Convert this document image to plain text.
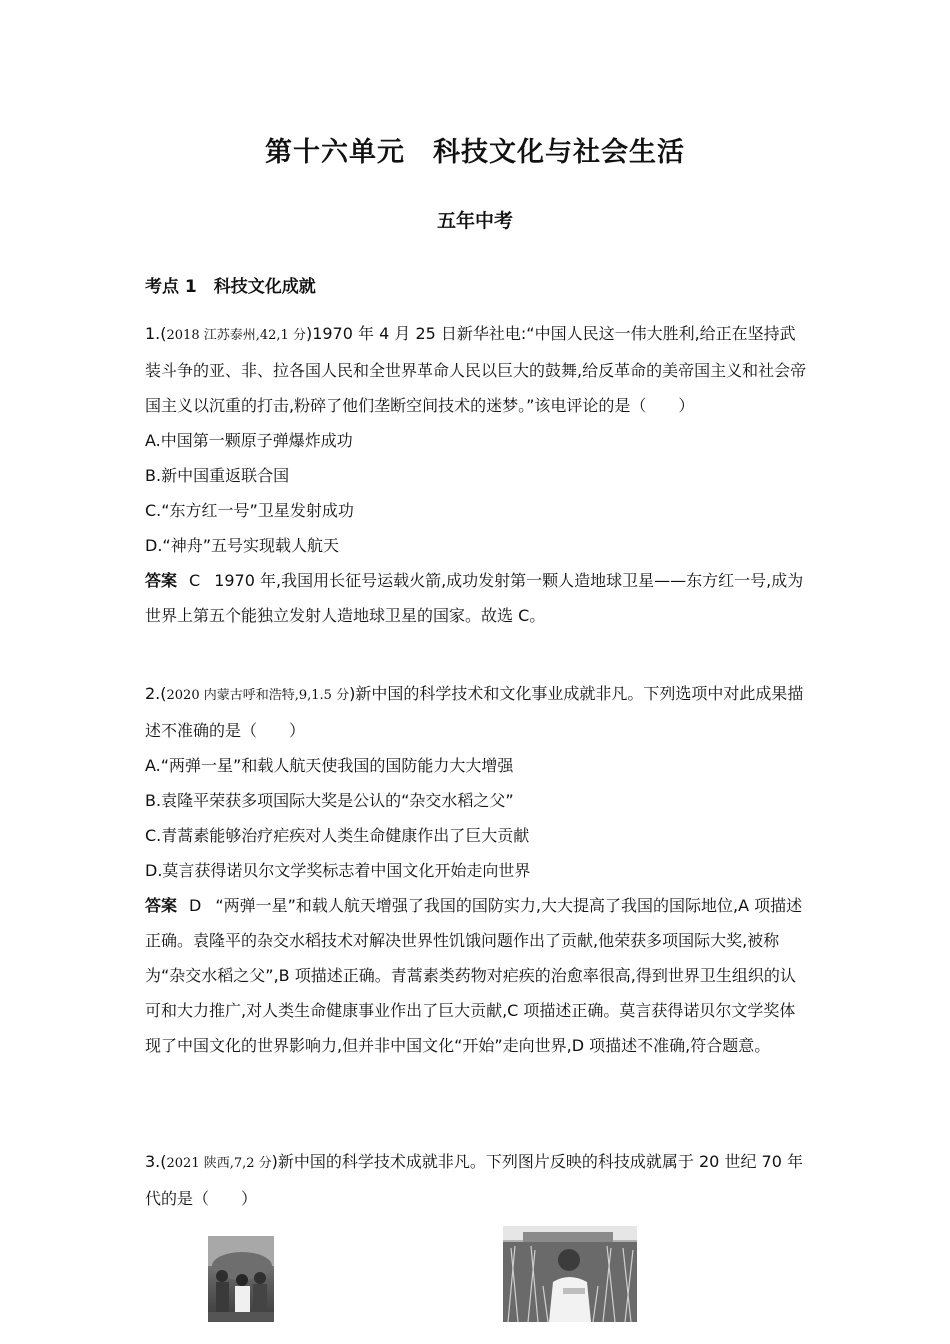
第十六单元　科技文化与社会生活
五年中考
考点 1　科技文化成就

1.(2018 江苏泰州,42,1 分)1970 年 4 月 25 日新华社电:“中国人民这一伟大胜利,给正在坚持武装斗争的亚、非、拉各国人民和全世界革命人民以巨大的鼓舞,给反革命的美帝国主义和社会帝国主义以沉重的打击,粉碎了他们垄断空间技术的迷梦。”该电评论的是（　　）

A.中国第一颗原子弹爆炸成功

B.新中国重返联合国

C.“东方红一号”卫星发射成功

D.“神舟”五号实现载人航天

答案 C 1970 年,我国用长征号运载火箭,成功发射第一颗人造地球卫星——东方红一号,成为世界上第五个能独立发射人造地球卫星的国家。故选 C。

2.(2020 内蒙古呼和浩特,9,1.5 分)新中国的科学技术和文化事业成就非凡。下列选项中对此成果描述不准确的是（　　）

A.“两弹一星”和载人航天使我国的国防能力大大增强

B.袁隆平荣获多项国际大奖是公认的“杂交水稻之父”

C.青蒿素能够治疗疟疾对人类生命健康作出了巨大贡献

D.莫言获得诺贝尔文学奖标志着中国文化开始走向世界

答案 D “两弹一星”和载人航天增强了我国的国防实力,大大提高了我国的国际地位,A 项描述正确。袁隆平的杂交水稻技术对解决世界性饥饿问题作出了贡献,他荣获多项国际大奖,被称为“杂交水稻之父”,B 项描述正确。青蒿素类药物对疟疾的治愈率很高,得到世界卫生组织的认可和大力推广,对人类生命健康事业作出了巨大贡献,C 项描述正确。莫言获得诺贝尔文学奖体现了中国文化的世界影响力,但并非中国文化“开始”走向世界,D 项描述不准确,符合题意。

3.(2021 陕西,7,2 分)新中国的科学技术成就非凡。下列图片反映的科技成就属于 20 世纪 70 年代的是（　　）
